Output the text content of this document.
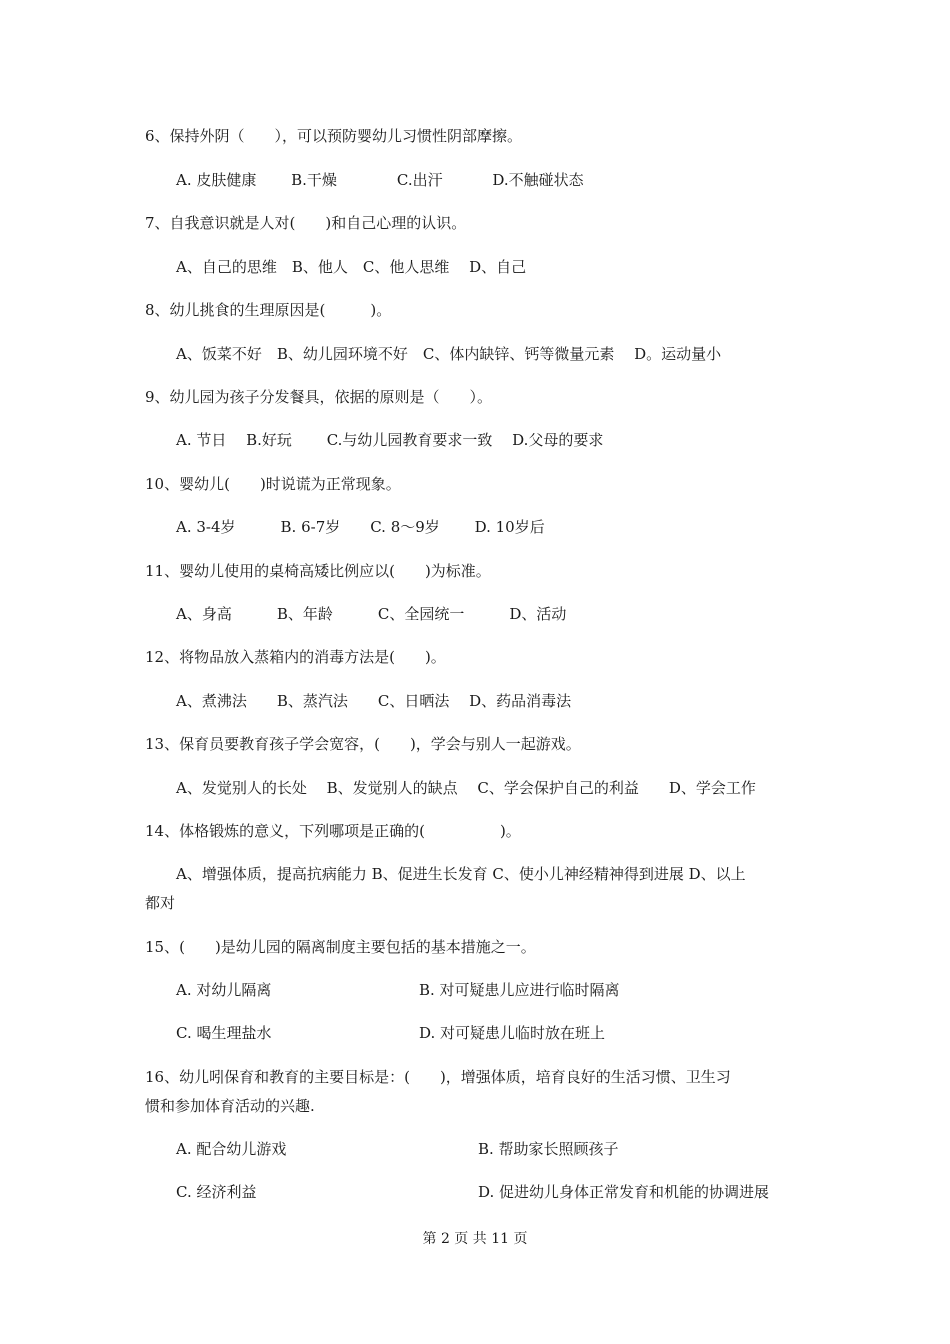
6、保持外阴（　　），可以预防婴幼儿习惯性阴部摩擦。
A. 皮肤健康　　 B.干燥　　　　C.出汗　　　 D.不触碰状态
7、自我意识就是人对(　　)和自己心理的认识。
A、自己的思维　B、他人　C、他人思维　 D、自己
8、幼儿挑食的生理原因是(　　　)。
A、饭菜不好　B、幼儿园环境不好　C、体内缺锌、钙等微量元素　 D。运动量小
9、幼儿园为孩子分发餐具，依据的原则是（　　）。
A. 节日　 B.好玩　　 C.与幼儿园教育要求一致　 D.父母的要求
10、婴幼儿(　　)时说谎为正常现象。
A. 3-4岁　　　B. 6-7岁　　C. 8～9岁　　 D. 10岁后
11、婴幼儿使用的桌椅高矮比例应以(　　)为标准。
A、身高　　　B、年龄　　　C、全园统一　　　D、活动
12、将物品放入蒸箱内的消毒方法是(　　)。
A、煮沸法　　B、蒸汽法　　C、日晒法　 D、药品消毒法
13、保育员要教育孩子学会宽容，(　　)，学会与别人一起游戏。
A、发觉别人的长处　 B、发觉别人的缺点　 C、学会保护自己的利益　　D、学会工作
14、体格锻炼的意义，下列哪项是正确的(　　　　　)。
A、增强体质，提高抗病能力 B、促进生长发育 C、使小儿神经精神得到进展 D、以上
都对
15、(　　)是幼儿园的隔离制度主要包括的基本措施之一。
A. 对幼儿隔离	B. 对可疑患儿应进行临时隔离
C. 喝生理盐水	D. 对可疑患儿临时放在班上
16、幼儿吲保育和教育的主要目标是：(　　)，增强体质，培育良好的生活习惯、卫生习
惯和参加体育活动的兴趣.
A. 配合幼儿游戏	B. 帮助家长照顾孩子
C. 经济利益	D. 促进幼儿身体正常发育和机能的协调进展
第 2 页 共 11 页
